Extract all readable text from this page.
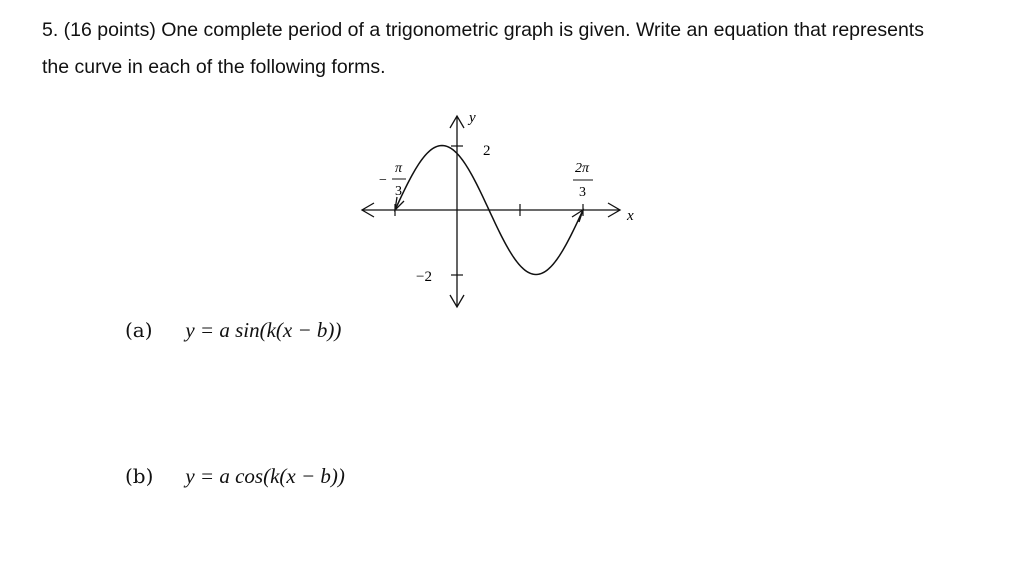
5. (16 points) One complete period of a trigonometric graph is given. Write an equation that represents
the curve in each of the following forms.
y
x
2
−2
−
π
3
2π
3
(a) y = a sin(k(x − b))
(b) y = a cos(k(x − b))
